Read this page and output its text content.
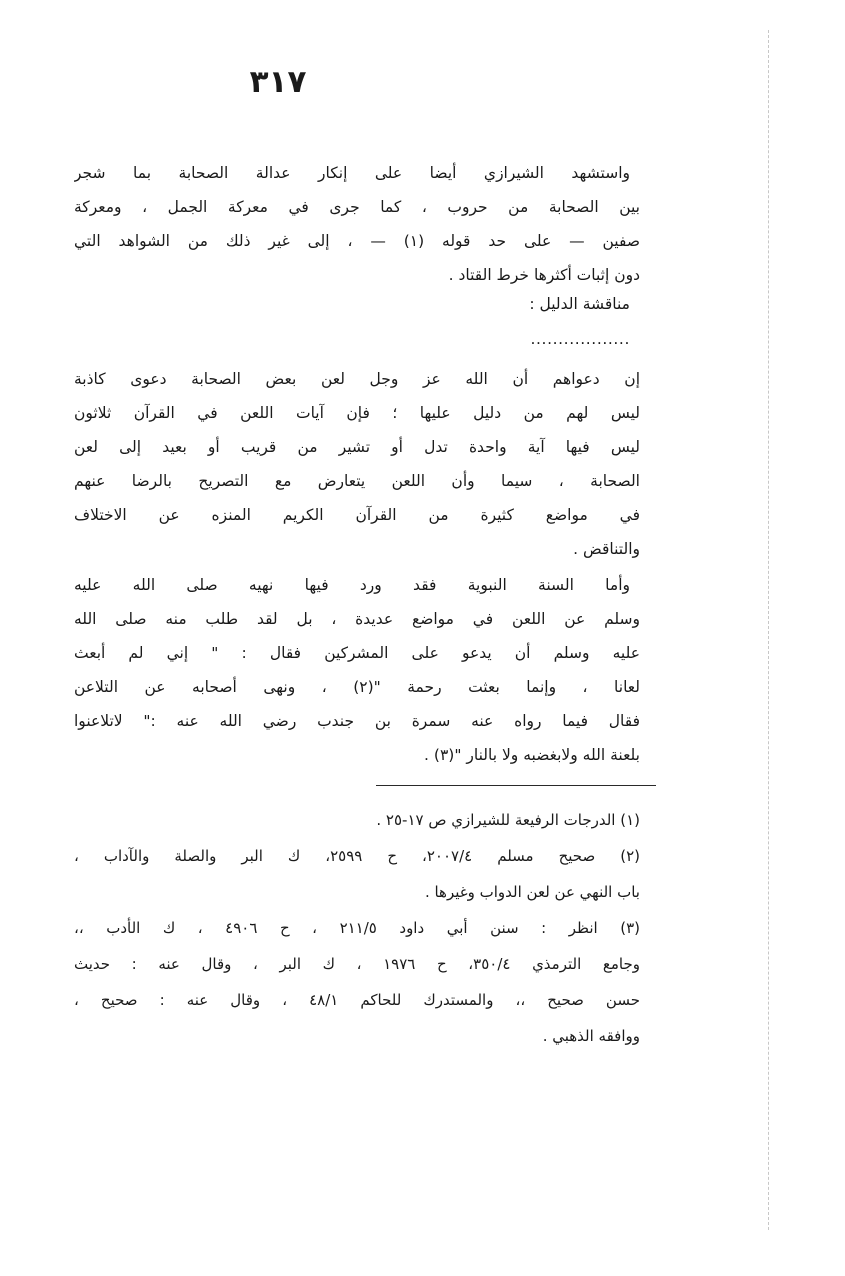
٣١٧
واستشهد الشيرازي أيضا على إنكار عدالة الصحابة بما شجر
بين الصحابة من حروب ، كما جرى في معركة الجمل ، ومعركة
صفين — على حد قوله (١) — ، إلى غير ذلك من الشواهد التي
دون إثبات أكثرها خرط القتاد .
مناقشة الدليل :
..................
إن دعواهم أن الله عز وجل لعن بعض الصحابة دعوى كاذبة
ليس لهم من دليل عليها ؛ فإن آيات اللعن في القرآن ثلاثون
ليس فيها آية واحدة تدل أو تشير من قريب أو بعيد إلى لعن
الصحابة ، سيما وأن اللعن يتعارض مع التصريح بالرضا عنهم
في مواضع كثيرة من القرآن الكريم المنزه عن الاختلاف
والتناقض .
وأما السنة النبوية فقد ورد فيها نهيه صلى الله عليه
وسلم عن اللعن في مواضع عديدة ، بل لقد طلب منه صلى الله
عليه وسلم أن يدعو على المشركين فقال : " إني لم أبعث
لعانا ، وإنما بعثت رحمة "(٢) ، ونهى أصحابه عن التلاعن
فقال فيما رواه عنه سمرة بن جندب رضي الله عنه :" لاتلاعنوا
بلعنة الله ولابغضبه ولا بالنار "(٣) .
(١) الدرجات الرفيعة للشيرازي ص ١٧-٢٥ .
(٢) صحيح مسلم ٢٠٠٧/٤، ح ٢٥٩٩، ك البر والصلة والآداب ،
باب النهي عن لعن الدواب وغيرها .
(٣) انظر : سنن أبي داود ٢١١/٥ ، ح ٤٩٠٦ ، ك الأدب ،،
وجامع الترمذي ٣٥٠/٤، ح ١٩٧٦ ، ك البر ، وقال عنه : حديث
حسن صحيح ،، والمستدرك للحاكم ٤٨/١ ، وقال عنه : صحيح ،
ووافقه الذهبي .
